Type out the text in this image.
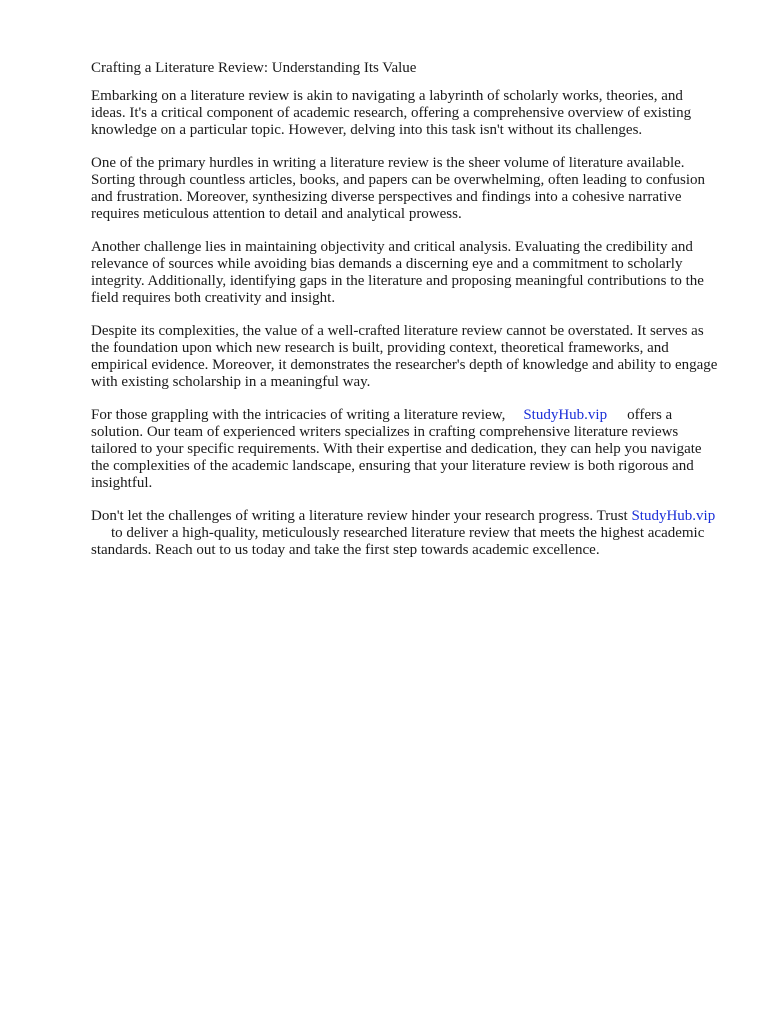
Crafting a Literature Review: Understanding Its Value

Embarking on a literature review is akin to navigating a labyrinth of scholarly works, theories, and ideas. It's a critical component of academic research, offering a comprehensive overview of existing knowledge on a particular topic. However, delving into this task isn't without its challenges.

One of the primary hurdles in writing a literature review is the sheer volume of literature available. Sorting through countless articles, books, and papers can be overwhelming, often leading to confusion and frustration. Moreover, synthesizing diverse perspectives and findings into a cohesive narrative requires meticulous attention to detail and analytical prowess.

Another challenge lies in maintaining objectivity and critical analysis. Evaluating the credibility and relevance of sources while avoiding bias demands a discerning eye and a commitment to scholarly integrity. Additionally, identifying gaps in the literature and proposing meaningful contributions to the field requires both creativity and insight.

Despite its complexities, the value of a well-crafted literature review cannot be overstated. It serves as the foundation upon which new research is built, providing context, theoretical frameworks, and empirical evidence. Moreover, it demonstrates the researcher's depth of knowledge and ability to engage with existing scholarship in a meaningful way.

For those grappling with the intricacies of writing a literature review, StudyHub.vip offers a solution. Our team of experienced writers specializes in crafting comprehensive literature reviews tailored to your specific requirements. With their expertise and dedication, they can help you navigate the complexities of the academic landscape, ensuring that your literature review is both rigorous and insightful.

Don't let the challenges of writing a literature review hinder your research progress. Trust StudyHub.vipto deliver a high-quality, meticulously researched literature review that meets the highest academic standards. Reach out to us today and take the first step towards academic excellence.
